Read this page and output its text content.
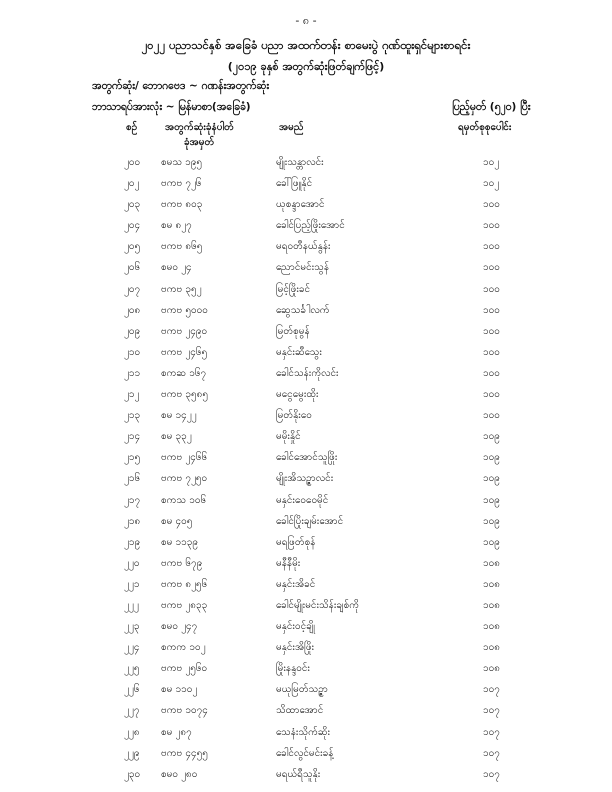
- ၈ -
၂၀၂၂ ပညာသင်နှစ် အခြေခံ ပညာ အထက်တန်း စာမေးပွဲ ဂုဏ်ထူးရှင်များစာရင်း
(၂၀၁၉ ခုနှစ် အတွက်ဆုံးဖြတ်ချက်ဖြင့်)
အတွက်ဆုံး/ ဘောဂဗေဒ ~ ဂဏန်းအတွက်ဆုံး
ဘာသာရပ်အားလုံး ~ မြန်မာစာ(အခြေခံ)	ပြည့်မှတ် (၅၂၀) ပြီး
စဉ်	အတွက်ဆုံးခုံနံပါတ်
ခုံအမှတ်
အမည်	ရမှတ်စုစုပေါင်း
၂၀၀ စမသ ၁၉၅	မျိုးသန္တာလင်း	၁၀၂
၂၀၂ ဗကဗ ၇၂၆	ခေါ်ဖြူနိုင်	၁၀၂
၂၀၃ ဗကဗ ၈၀၃	ယုစန္ဒာအောင်	၁၀၀
၂၀၄ စမ ၈၂၇	ခေါင်ပြည့်ဖြိုးအောင်	၁၀၀
၂၀၅ ဗကဗ ၈၆၅	မရဝတီနယ်နွန်း	၁၀၀
၂၀၆ စမဝ ၂၄	ညောင်မင်းသွန်	၁၀၀
၂၀၇ ဗကဗ ၃၅၂	မြင့်ဖြိုးခင်	၁၀၀
၂၀၈ ဗကဗ ၅၀၀၀	ဆွေသင်္ခါလက်	၁၀၀
၂၀၉ ဗကဗ ၂၄၉၀	မြတ်စုမွန်	၁၀၀
၂၁၀ ဗကဗ ၂၄၆၅	မနှင်းဆီသွေး	၁၀၀
၂၁၁ စကဆ ၁၆၇	ခေါင်သန်းကိုလင်း	၁၀၀
၂၁၂ ဗကဗ ၃၅၈၅	မငွေမွေးထိုး	၁၀၀
၂၁၃ စမ ၁၄၂၂	မြတ်နိုးဝေ	၁၀၀
၂၁၄ စမ ၃၃၂	မမိုးနှိုင်	၁၀၉
၂၁၅ ဗကဗ ၂၄၆၆	ခေါင်အောင်သူဖြိုး	၁၀၉
၂၁၆ ဗကဗ ၇၂၅၀	မျိုးအိသဥ္ဇာလင်း	၁၀၉
၂၁၇ စကသ ၁၀၆	မနှင်းဝေဝေမိုင်	၁၀၉
၂၁၈ စမ ၄၀၅	ခေါင်ပြိုးချမ်းအောင်	၁၀၉
၂၁၉ စမ ၁၁၃၉	မရဖြတ်စုန်	၁၀၉
၂၂၀ ဗကဗ ၆၇၉	မနီနီမိုး	၁၀၈
၂၂၁ ဗကဗ ၈၂၅၆	မနှင်းအိခင်	၁၀၈
၂၂၂ ဗကဗ ၂၈၃၃	ခေါင်မျိုးမင်းသိန်းချစ်ကို	၁၀၈
၂၂၃ စမဝ ၂၄၇	မနှင်းဝင့်ချို	၁၀၈
၂၂၄ စကက ၁၀၂	မနှင်းအိဖြိုး	၁၀၈
၂၂၅ ဗကဗ ၂၅၆၀	မြိုးနန္ဒဝင်း	၁၀၈
၂၂၆ စမ ၁၁၀၂	မယုမြတ်သဥ္ဇာ	၁၀၇
၂၂၇ ဗကဗ ၁၀၇၄	သိထာအောင်	၁၀၇
၂၂၈ စမ ၂၈၇	သေနံးသိုက်ဆိုး	၁၀၇
၂၂၉ ဗကဗ ၄၄၅၅	ခေါင်လွင်မင်းခန့်	၁၀၇
၂၃၀ စမဝ ၂၈၀	မရယ်ရီသူနိုး	၁၀၇
